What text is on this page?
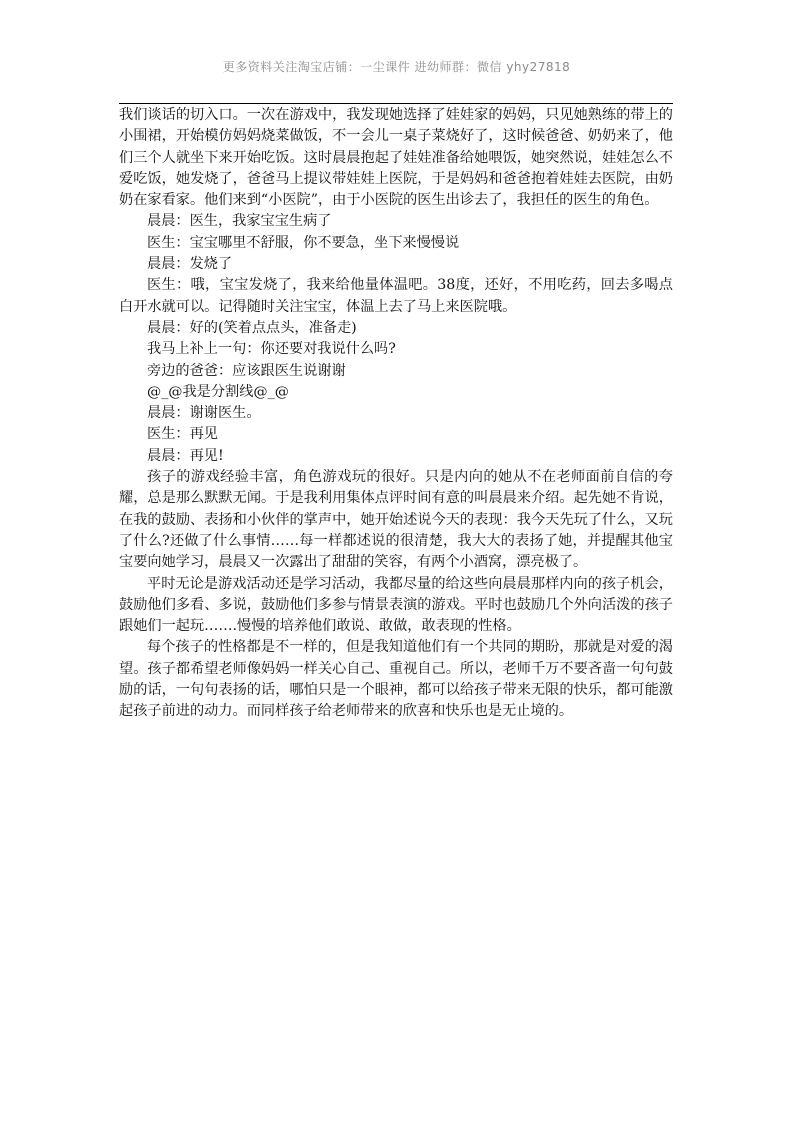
更多资料关注淘宝店铺：一尘课件 进幼师群：微信 yhy27818

我们谈话的切入口。一次在游戏中，我发现她选择了娃娃家的妈妈，只见她熟练的带上的小围裙，开始模仿妈妈烧菜做饭，不一会儿一桌子菜烧好了，这时候爸爸、奶奶来了，他们三个人就坐下来开始吃饭。这时晨晨抱起了娃娃准备给她喂饭，她突然说，娃娃怎么不爱吃饭，她发烧了，爸爸马上提议带娃娃上医院，于是妈妈和爸爸抱着娃娃去医院，由奶奶在家看家。他们来到“小医院”，由于小医院的医生出诊去了，我担任的医生的角色。

晨晨：医生，我家宝宝生病了

医生：宝宝哪里不舒服，你不要急，坐下来慢慢说

晨晨：发烧了

医生：哦，宝宝发烧了，我来给他量体温吧。38度，还好，不用吃药，回去多喝点白开水就可以。记得随时关注宝宝，体温上去了马上来医院哦。

晨晨：好的(笑着点点头，准备走)

我马上补上一句：你还要对我说什么吗?

旁边的爸爸：应该跟医生说谢谢

@_@我是分割线@_@

晨晨：谢谢医生。

医生：再见

晨晨：再见!

孩子的游戏经验丰富，角色游戏玩的很好。只是内向的她从不在老师面前自信的夸耀，总是那么默默无闻。于是我利用集体点评时间有意的叫晨晨来介绍。起先她不肯说，在我的鼓励、表扬和小伙伴的掌声中，她开始述说今天的表现：我今天先玩了什么，又玩了什么?还做了什么事情……每一样都述说的很清楚，我大大的表扬了她，并提醒其他宝宝要向她学习，晨晨又一次露出了甜甜的笑容，有两个小酒窝，漂亮极了。

平时无论是游戏活动还是学习活动，我都尽量的给这些向晨晨那样内向的孩子机会，鼓励他们多看、多说，鼓励他们多参与情景表演的游戏。平时也鼓励几个外向活泼的孩子跟她们一起玩…….慢慢的培养他们敢说、敢做，敢表现的性格。

每个孩子的性格都是不一样的，但是我知道他们有一个共同的期盼，那就是对爱的渴望。孩子都希望老师像妈妈一样关心自己、重视自己。所以，老师千万不要吝啬一句句鼓励的话，一句句表扬的话，哪怕只是一个眼神，都可以给孩子带来无限的快乐，都可能激起孩子前进的动力。而同样孩子给老师带来的欣喜和快乐也是无止境的。
